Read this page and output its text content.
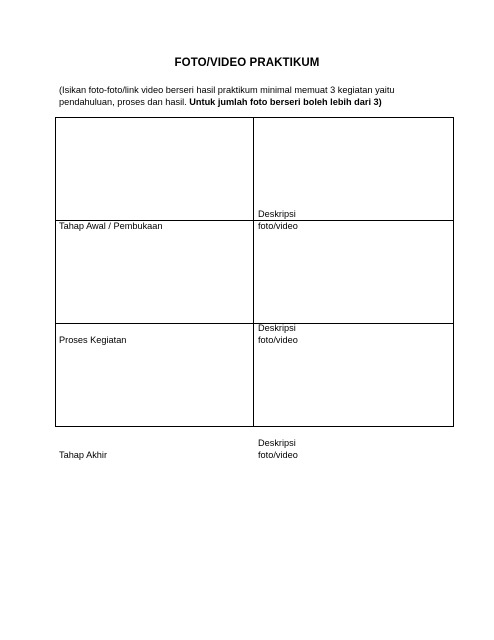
FOTO/VIDEO PRAKTIKUM
(Isikan foto-foto/link video berseri hasil praktikum minimal memuat 3 kegiatan yaitu pendahuluan, proses dan hasil. Untuk jumlah foto berseri boleh lebih dari 3)
Tahap Awal / Pembukaan
Deskripsi
foto/video
Proses Kegiatan
Deskripsi
foto/video
Tahap Akhir
Deskripsi
foto/video
